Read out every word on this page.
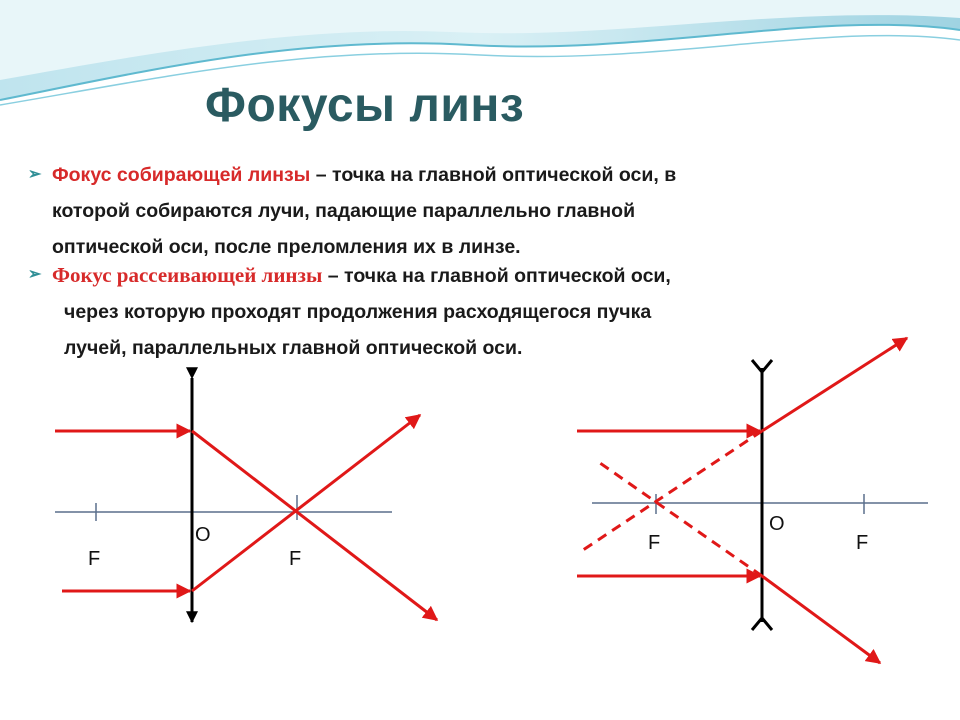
Фокусы линз
➢ Фокус собирающей линзы – точка на главной оптической оси, в
которой собираются лучи, падающие параллельно главной
оптической оси, после преломления их в линзе.
➢ Фокус рассеивающей линзы – точка на главной оптической оси,
через которую проходят продолжения расходящегося пучка
лучей, параллельных главной оптической оси.
O
F	F
O
F	F
